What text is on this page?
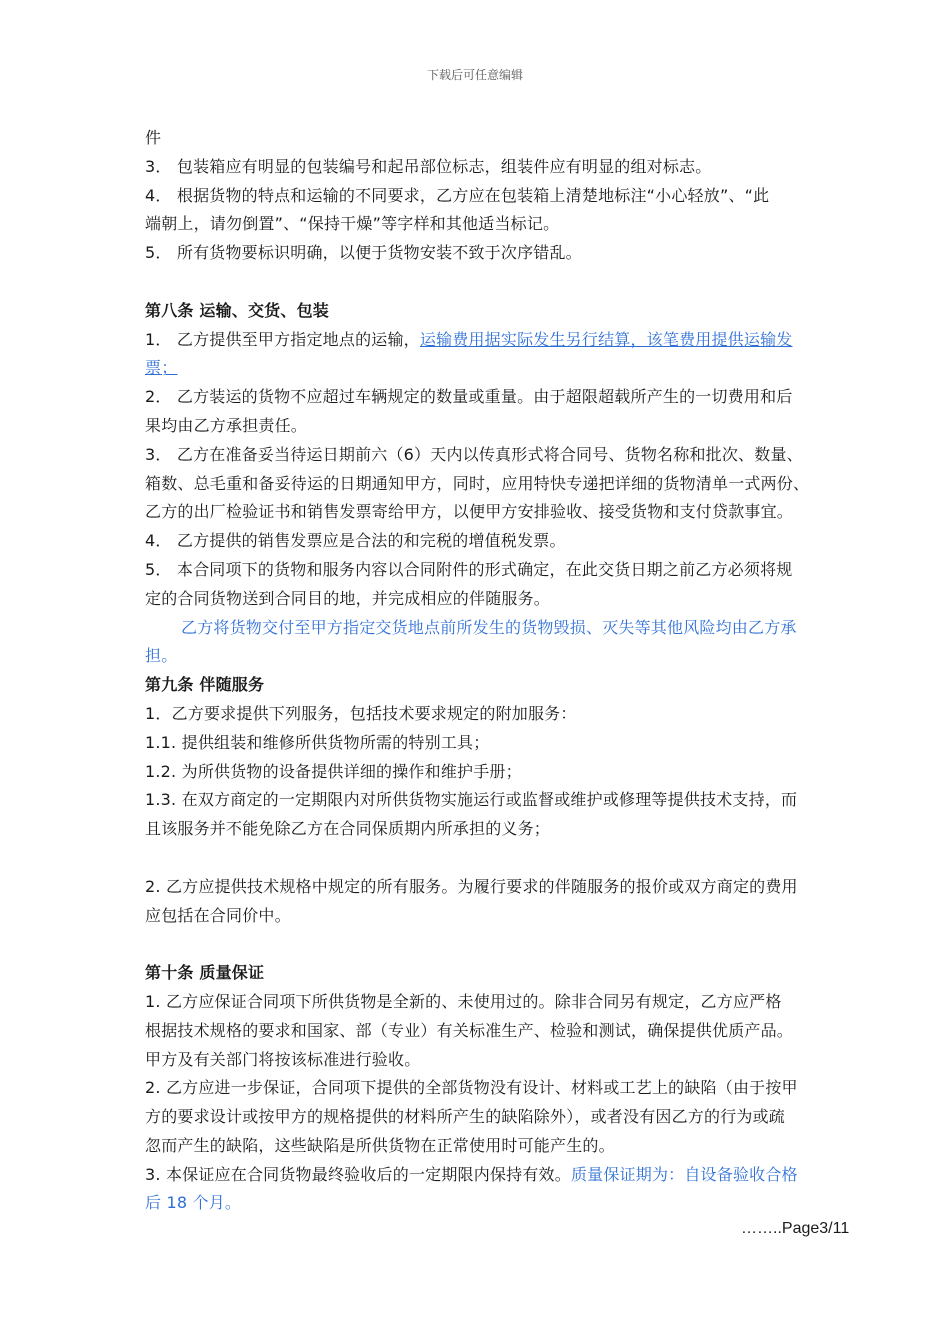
下载后可任意编辑
件
3． 包装箱应有明显的包装编号和起吊部位标志，组装件应有明显的组对标志。
4． 根据货物的特点和运输的不同要求，乙方应在包装箱上清楚地标注“小心轻放”、“此
端朝上，请勿倒置”、“保持干燥”等字样和其他适当标记。
5． 所有货物要标识明确，以便于货物安装不致于次序错乱。
第八条 运输、交货、包装
1． 乙方提供至甲方指定地点的运输，运输费用据实际发生另行结算，该笔费用提供运输发
票；
2． 乙方装运的货物不应超过车辆规定的数量或重量。由于超限超载所产生的一切费用和后
果均由乙方承担责任。
3． 乙方在准备妥当待运日期前六（6）天内以传真形式将合同号、货物名称和批次、数量、
箱数、总毛重和备妥待运的日期通知甲方，同时，应用特快专递把详细的货物清单一式两份、
乙方的出厂检验证书和销售发票寄给甲方，以便甲方安排验收、接受货物和支付贷款事宜。
4． 乙方提供的销售发票应是合法的和完税的增值税发票。
5． 本合同项下的货物和服务内容以合同附件的形式确定，在此交货日期之前乙方必须将规
定的合同货物送到合同目的地，并完成相应的伴随服务。
乙方将货物交付至甲方指定交货地点前所发生的货物毁损、灭失等其他风险均由乙方承
担。
第九条 伴随服务
1．乙方要求提供下列服务，包括技术要求规定的附加服务：
1.1. 提供组装和维修所供货物所需的特别工具；
1.2. 为所供货物的设备提供详细的操作和维护手册；
1.3. 在双方商定的一定期限内对所供货物实施运行或监督或维护或修理等提供技术支持，而
且该服务并不能免除乙方在合同保质期内所承担的义务；
2. 乙方应提供技术规格中规定的所有服务。为履行要求的伴随服务的报价或双方商定的费用
应包括在合同价中。
第十条 质量保证
1. 乙方应保证合同项下所供货物是全新的、未使用过的。除非合同另有规定，乙方应严格
根据技术规格的要求和国家、部（专业）有关标准生产、检验和测试，确保提供优质产品。
甲方及有关部门将按该标准进行验收。
2. 乙方应进一步保证，合同项下提供的全部货物没有设计、材料或工艺上的缺陷（由于按甲
方的要求设计或按甲方的规格提供的材料所产生的缺陷除外），或者没有因乙方的行为或疏
忽而产生的缺陷，这些缺陷是所供货物在正常使用时可能产生的。
3. 本保证应在合同货物最终验收后的一定期限内保持有效。质量保证期为：自设备验收合格
后 18 个月。
……..Page3/11
